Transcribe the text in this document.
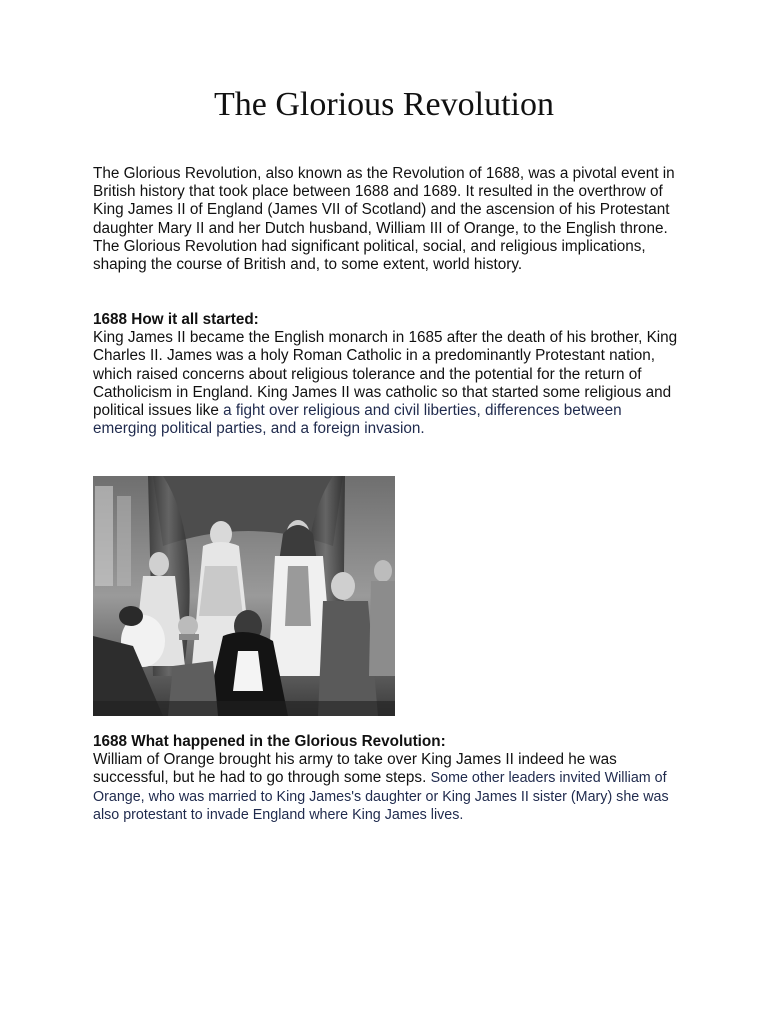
The Glorious Revolution

The Glorious Revolution, also known as the Revolution of 1688, was a pivotal event in British history that took place between 1688 and 1689. It resulted in the overthrow of King James II of England (James VII of Scotland) and the ascension of his Protestant daughter Mary II and her Dutch husband, William III of Orange, to the English throne. The Glorious Revolution had significant political, social, and religious implications, shaping the course of British and, to some extent, world history.

1688 How it all started:
King James II became the English monarch in 1685 after the death of his brother, King Charles II. James was a holy Roman Catholic in a predominantly Protestant nation, which raised concerns about religious tolerance and the potential for the return of Catholicism in England. King James II was catholic so that started some religious and political issues like a fight over religious and civil liberties, differences between emerging political parties, and a foreign invasion.
1688 What happened in the Glorious Revolution:
William of Orange brought his army to take over King James II indeed he was successful, but he had to go through some steps. Some other leaders invited William of Orange, who was married to King James's daughter or King James II sister (Mary) she was also protestant to invade England where King James lives.
